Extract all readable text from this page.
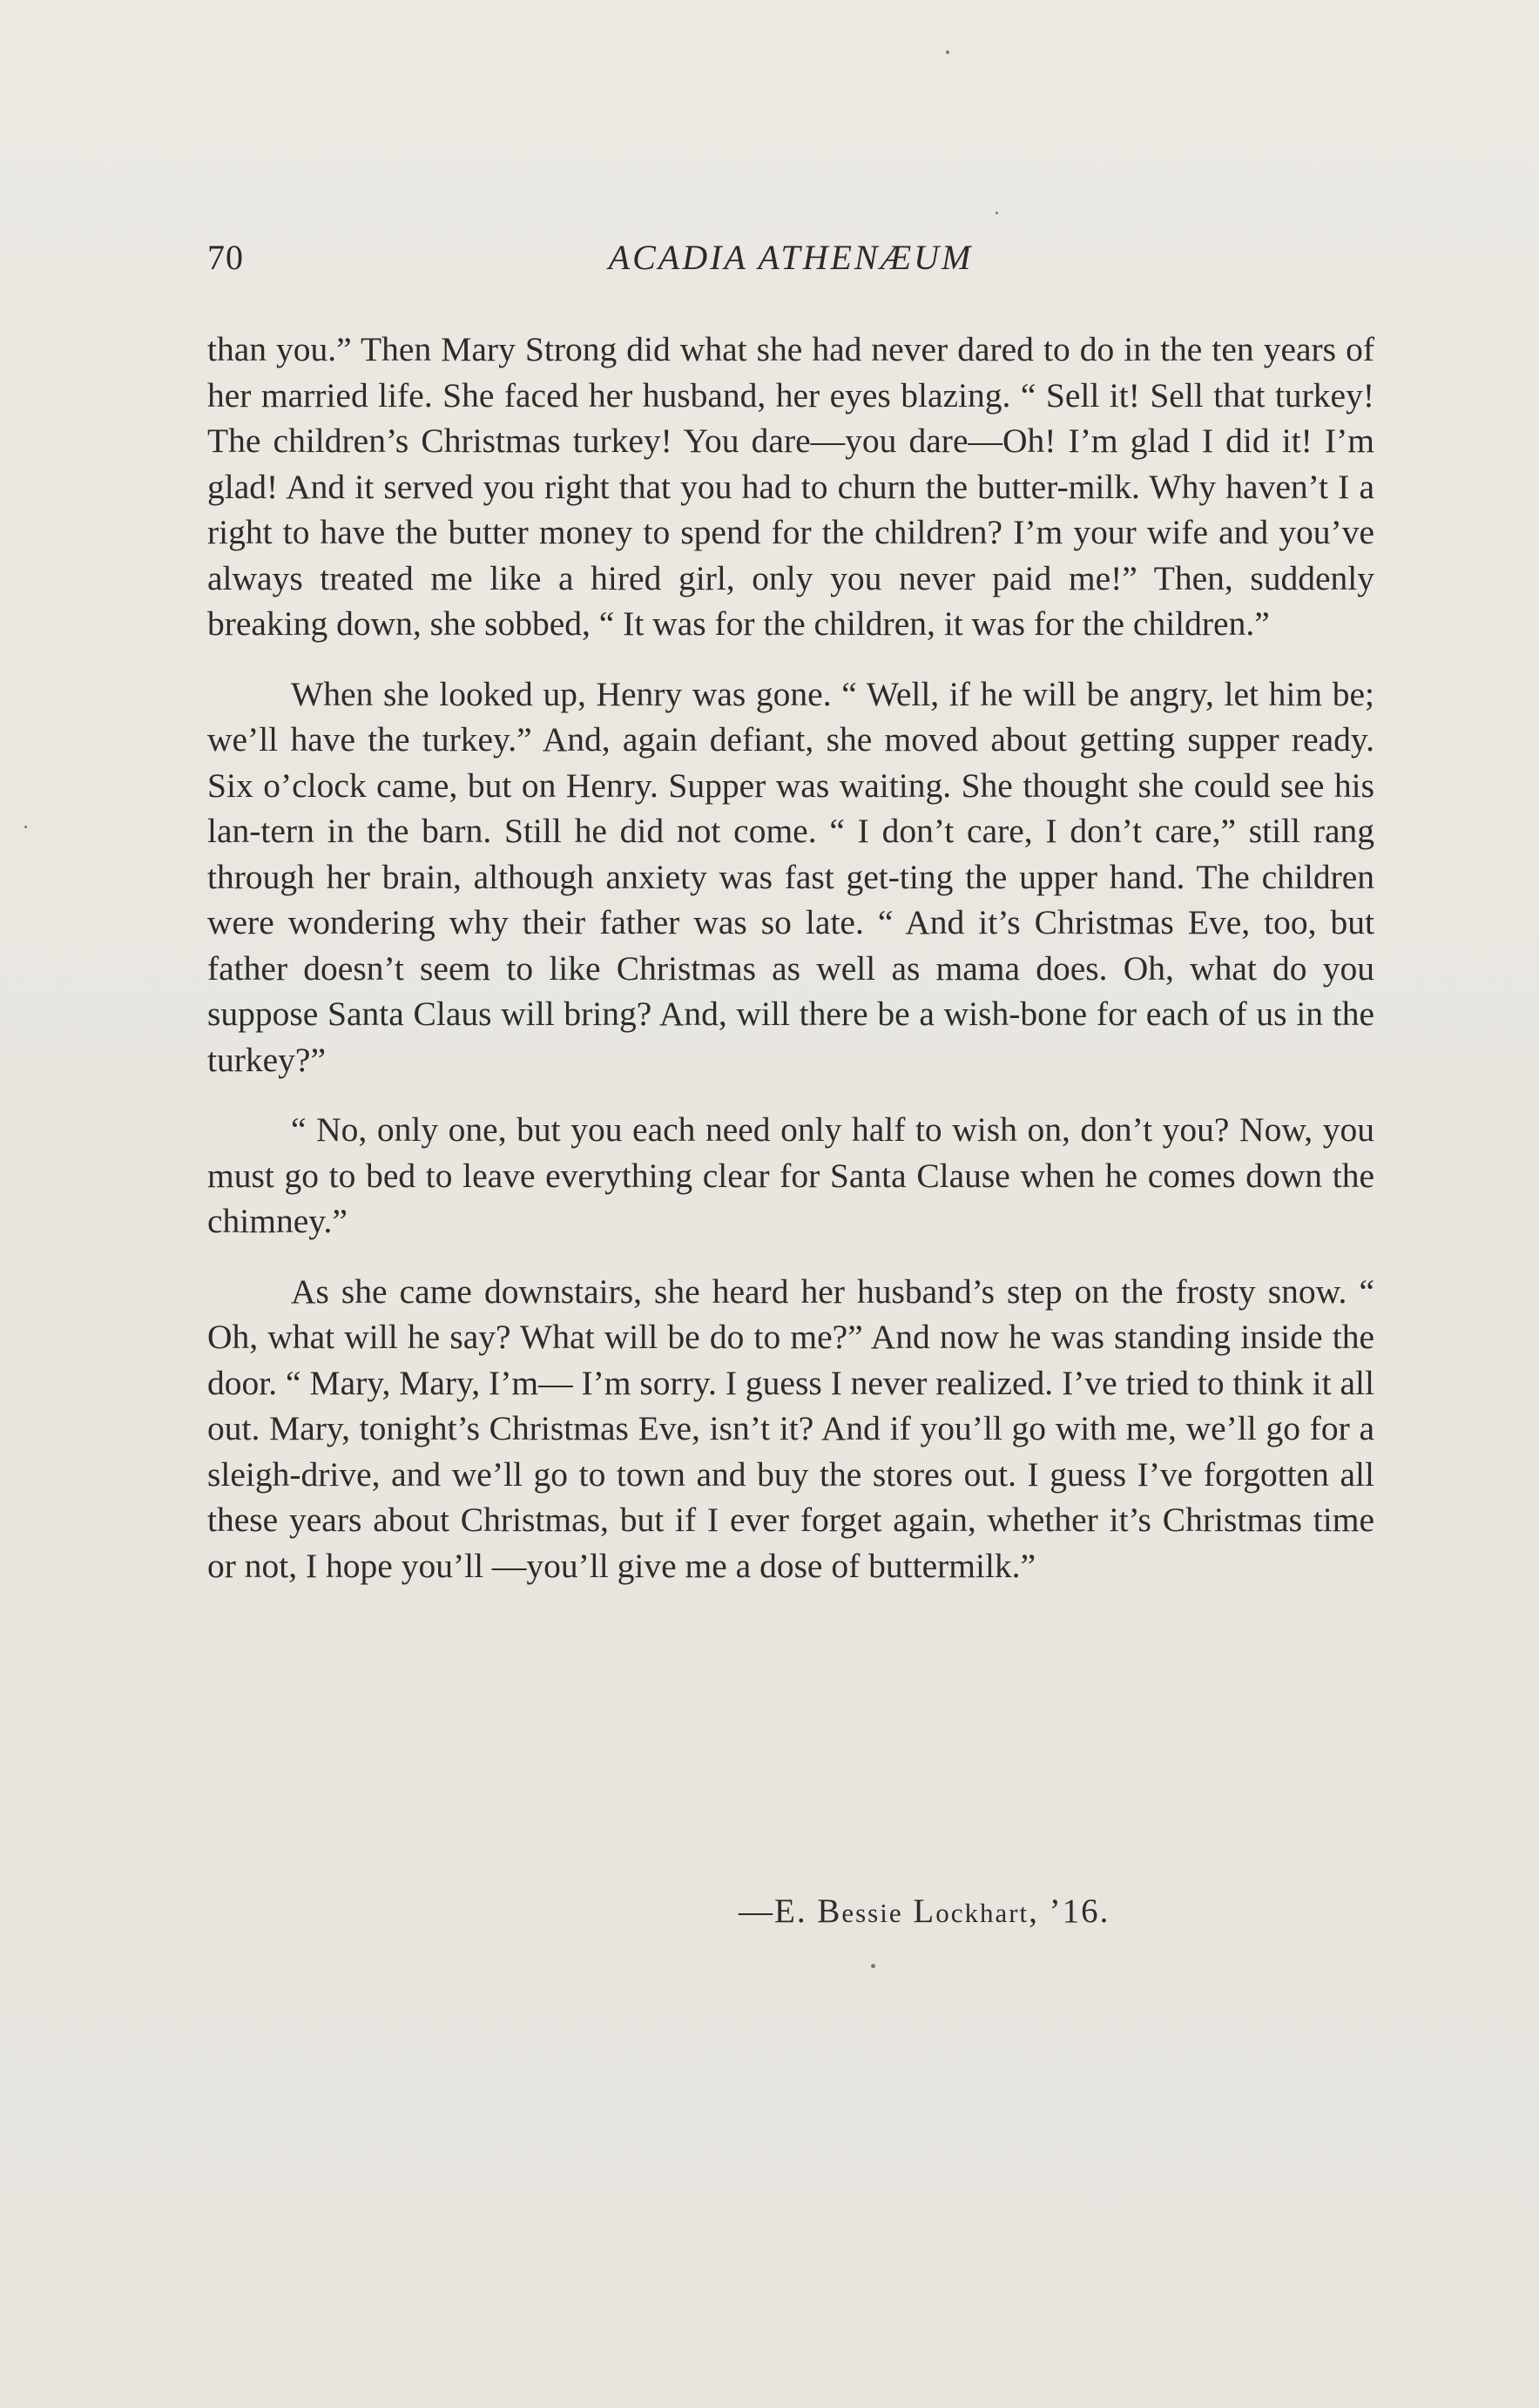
70	ACADIA ATHENÆUM

than you.” Then Mary Strong did what she had never dared to do in the ten years of her married life. She faced her husband, her eyes blazing. “ Sell it! Sell that turkey! The children’s Christmas turkey! You dare—you dare—Oh! I’m glad I did it! I’m glad! And it served you right that you had to churn the butter-milk. Why haven’t I a right to have the butter money to spend for the children? I’m your wife and you’ve always treated me like a hired girl, only you never paid me!” Then, suddenly breaking down, she sobbed, “ It was for the children, it was for the children.”

When she looked up, Henry was gone. “ Well, if he will be angry, let him be; we’ll have the turkey.” And, again defiant, she moved about getting supper ready. Six o’clock came, but on Henry. Supper was waiting. She thought she could see his lan-tern in the barn. Still he did not come. “ I don’t care, I don’t care,” still rang through her brain, although anxiety was fast get-ting the upper hand. The children were wondering why their father was so late. “ And it’s Christmas Eve, too, but father doesn’t seem to like Christmas as well as mama does. Oh, what do you suppose Santa Claus will bring? And, will there be a wish-bone for each of us in the turkey?”

“ No, only one, but you each need only half to wish on, don’t you? Now, you must go to bed to leave everything clear for Santa Clause when he comes down the chimney.”

As she came downstairs, she heard her husband’s step on the frosty snow. “ Oh, what will he say? What will be do to me?” And now he was standing inside the door. “ Mary, Mary, I’m— I’m sorry. I guess I never realized. I’ve tried to think it all out. Mary, tonight’s Christmas Eve, isn’t it? And if you’ll go with me, we’ll go for a sleigh-drive, and we’ll go to town and buy the stores out. I guess I’ve forgotten all these years about Christmas, but if I ever forget again, whether it’s Christmas time or not, I hope you’ll —you’ll give me a dose of buttermilk.”

—E. Bessie Lockhart, ’16.
